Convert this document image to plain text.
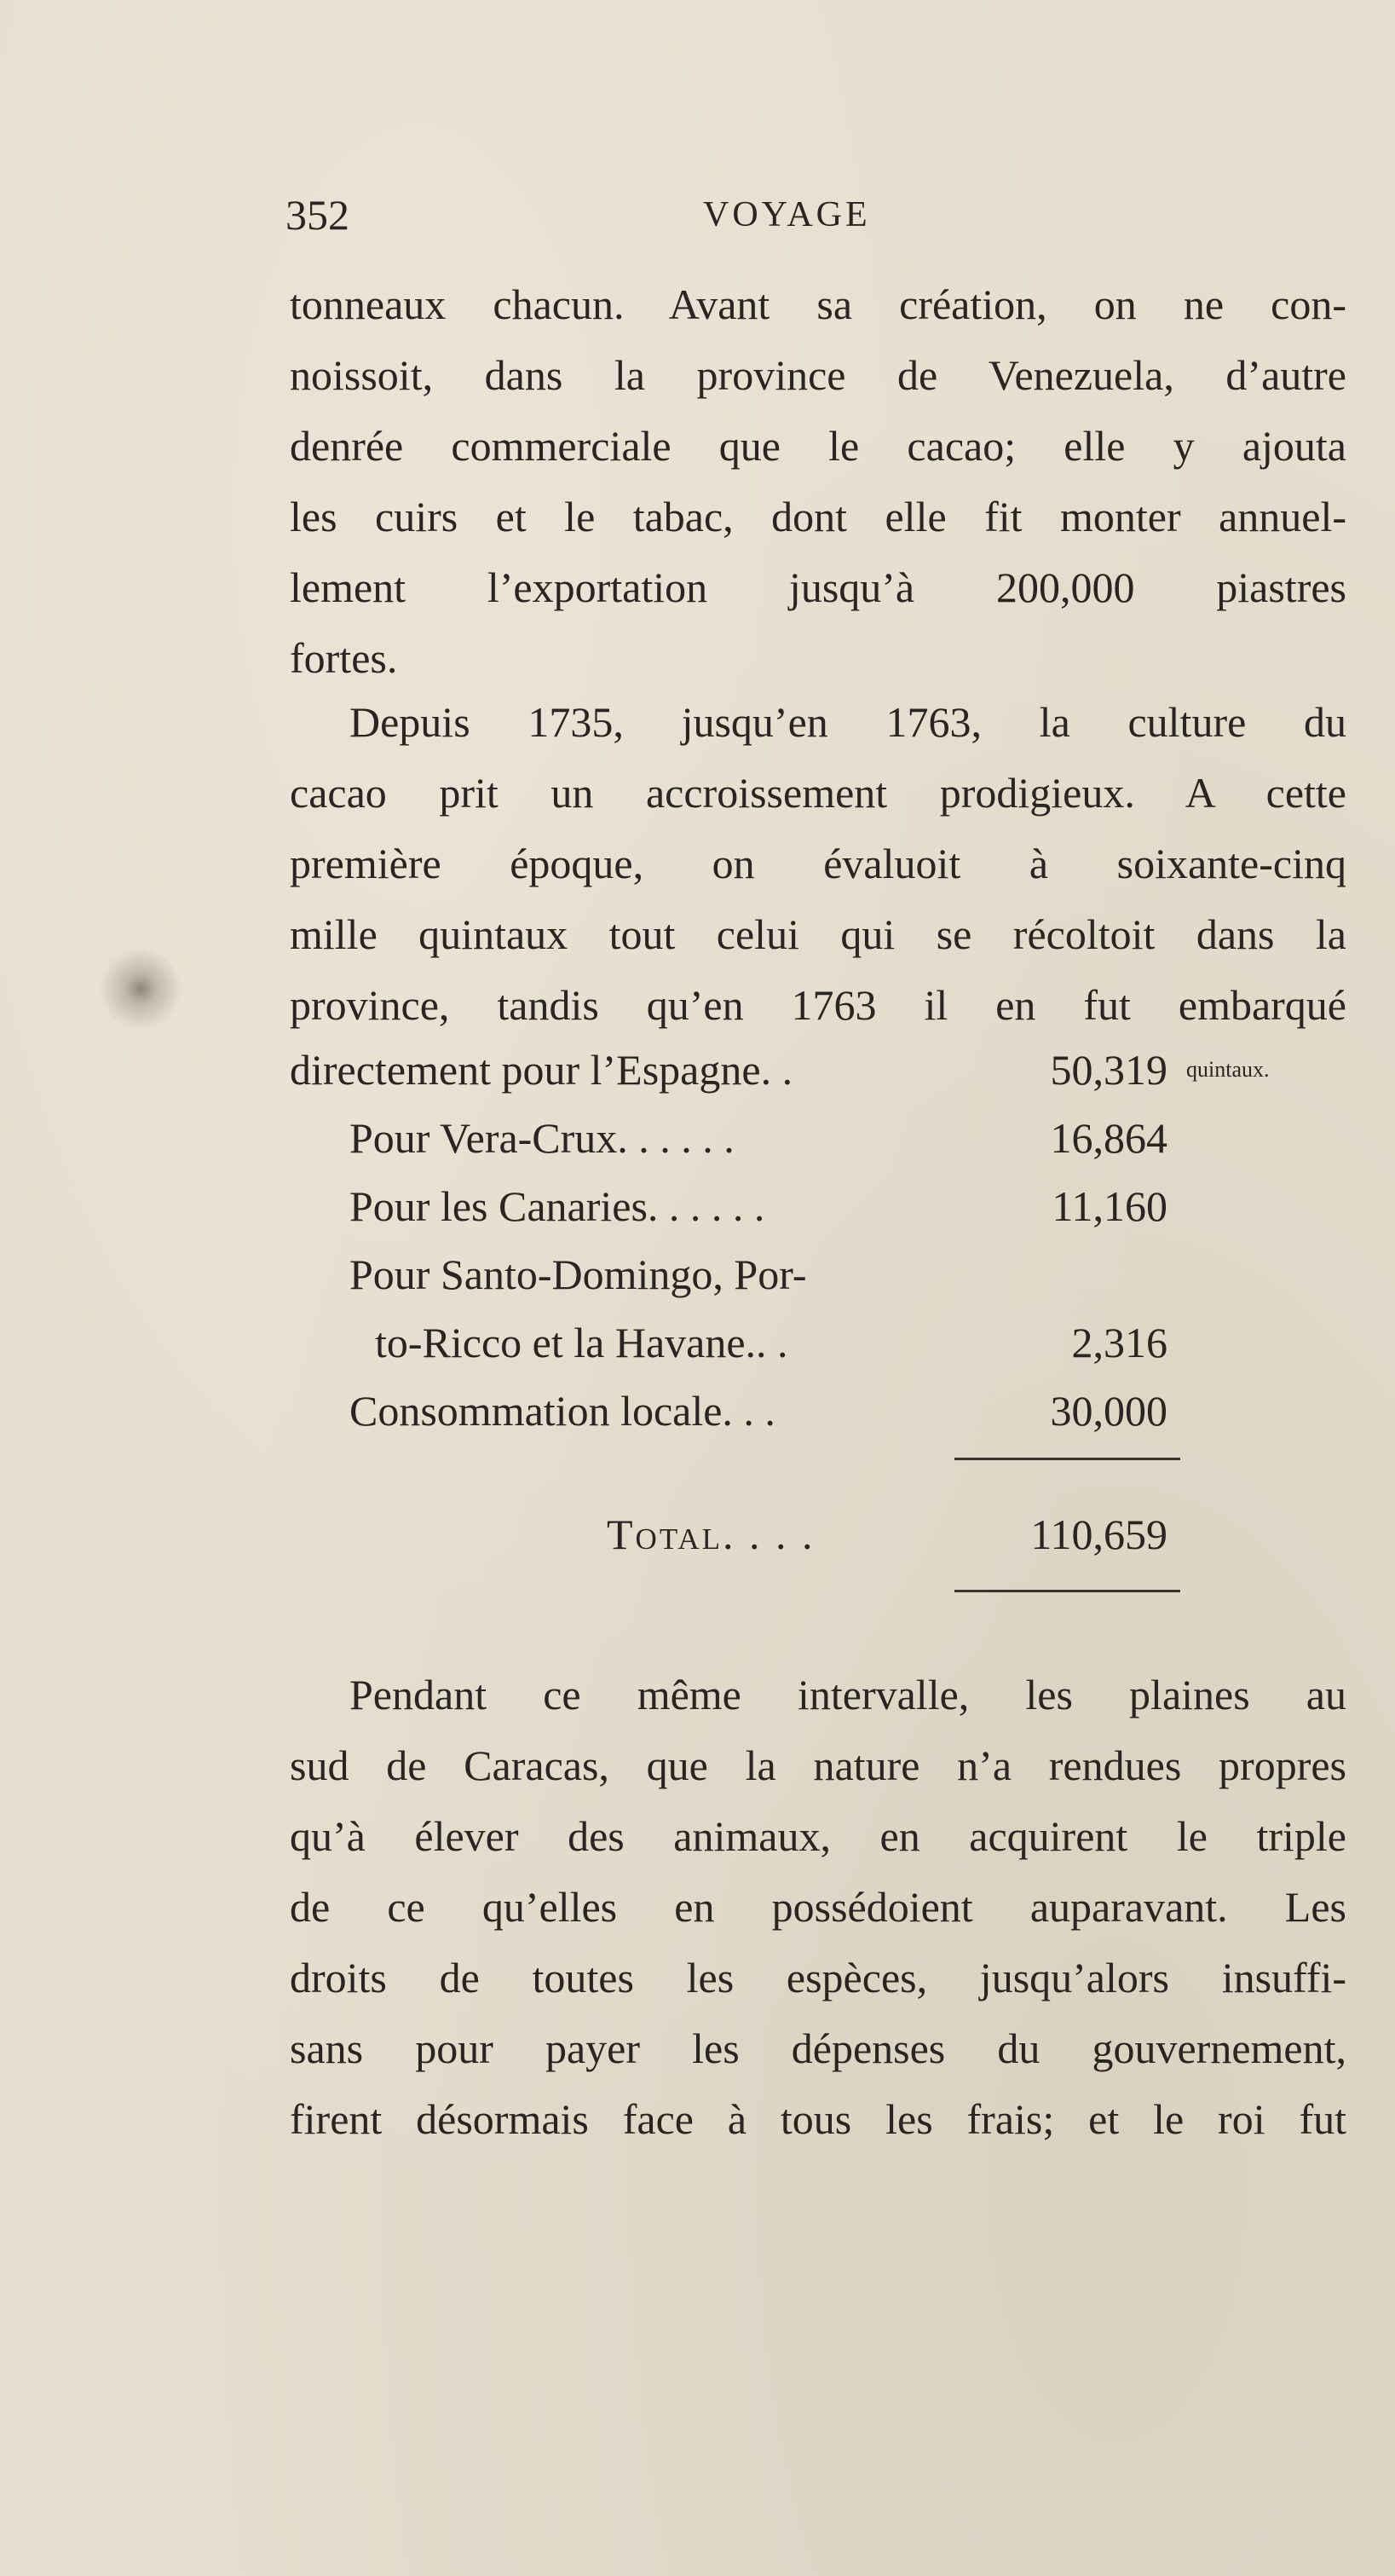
352	VOYAGE
tonneaux chacun. Avant sa création, on ne con-
noissoit, dans la province de Venezuela, d’autre
denrée commerciale que le cacao; elle y ajouta
les cuirs et le tabac, dont elle fit monter annuel-
lement l’exportation jusqu’à 200,000 piastres
fortes.
Depuis 1735, jusqu’en 1763, la culture du
cacao prit un accroissement prodigieux. A cette
première époque, on évaluoit à soixante-cinq
mille quintaux tout celui qui se récoltoit dans la
province, tandis qu’en 1763 il en fut embarqué
directement pour l’Espagne. .	50,319 quintaux.
Pour Vera-Crux. . . . . .	16,864
Pour les Canaries. . . . . .	11,160
Pour Santo-Domingo, Por-
to-Ricco et la Havane.. .	2,316
Consommation locale. . .	30,000
Total. . . .	110,659
Pendant ce même intervalle, les plaines au
sud de Caracas, que la nature n’a rendues propres
qu’à élever des animaux, en acquirent le triple
de ce qu’elles en possédoient auparavant. Les
droits de toutes les espèces, jusqu’alors insuffi-
sans pour payer les dépenses du gouvernement,
firent désormais face à tous les frais; et le roi fut
